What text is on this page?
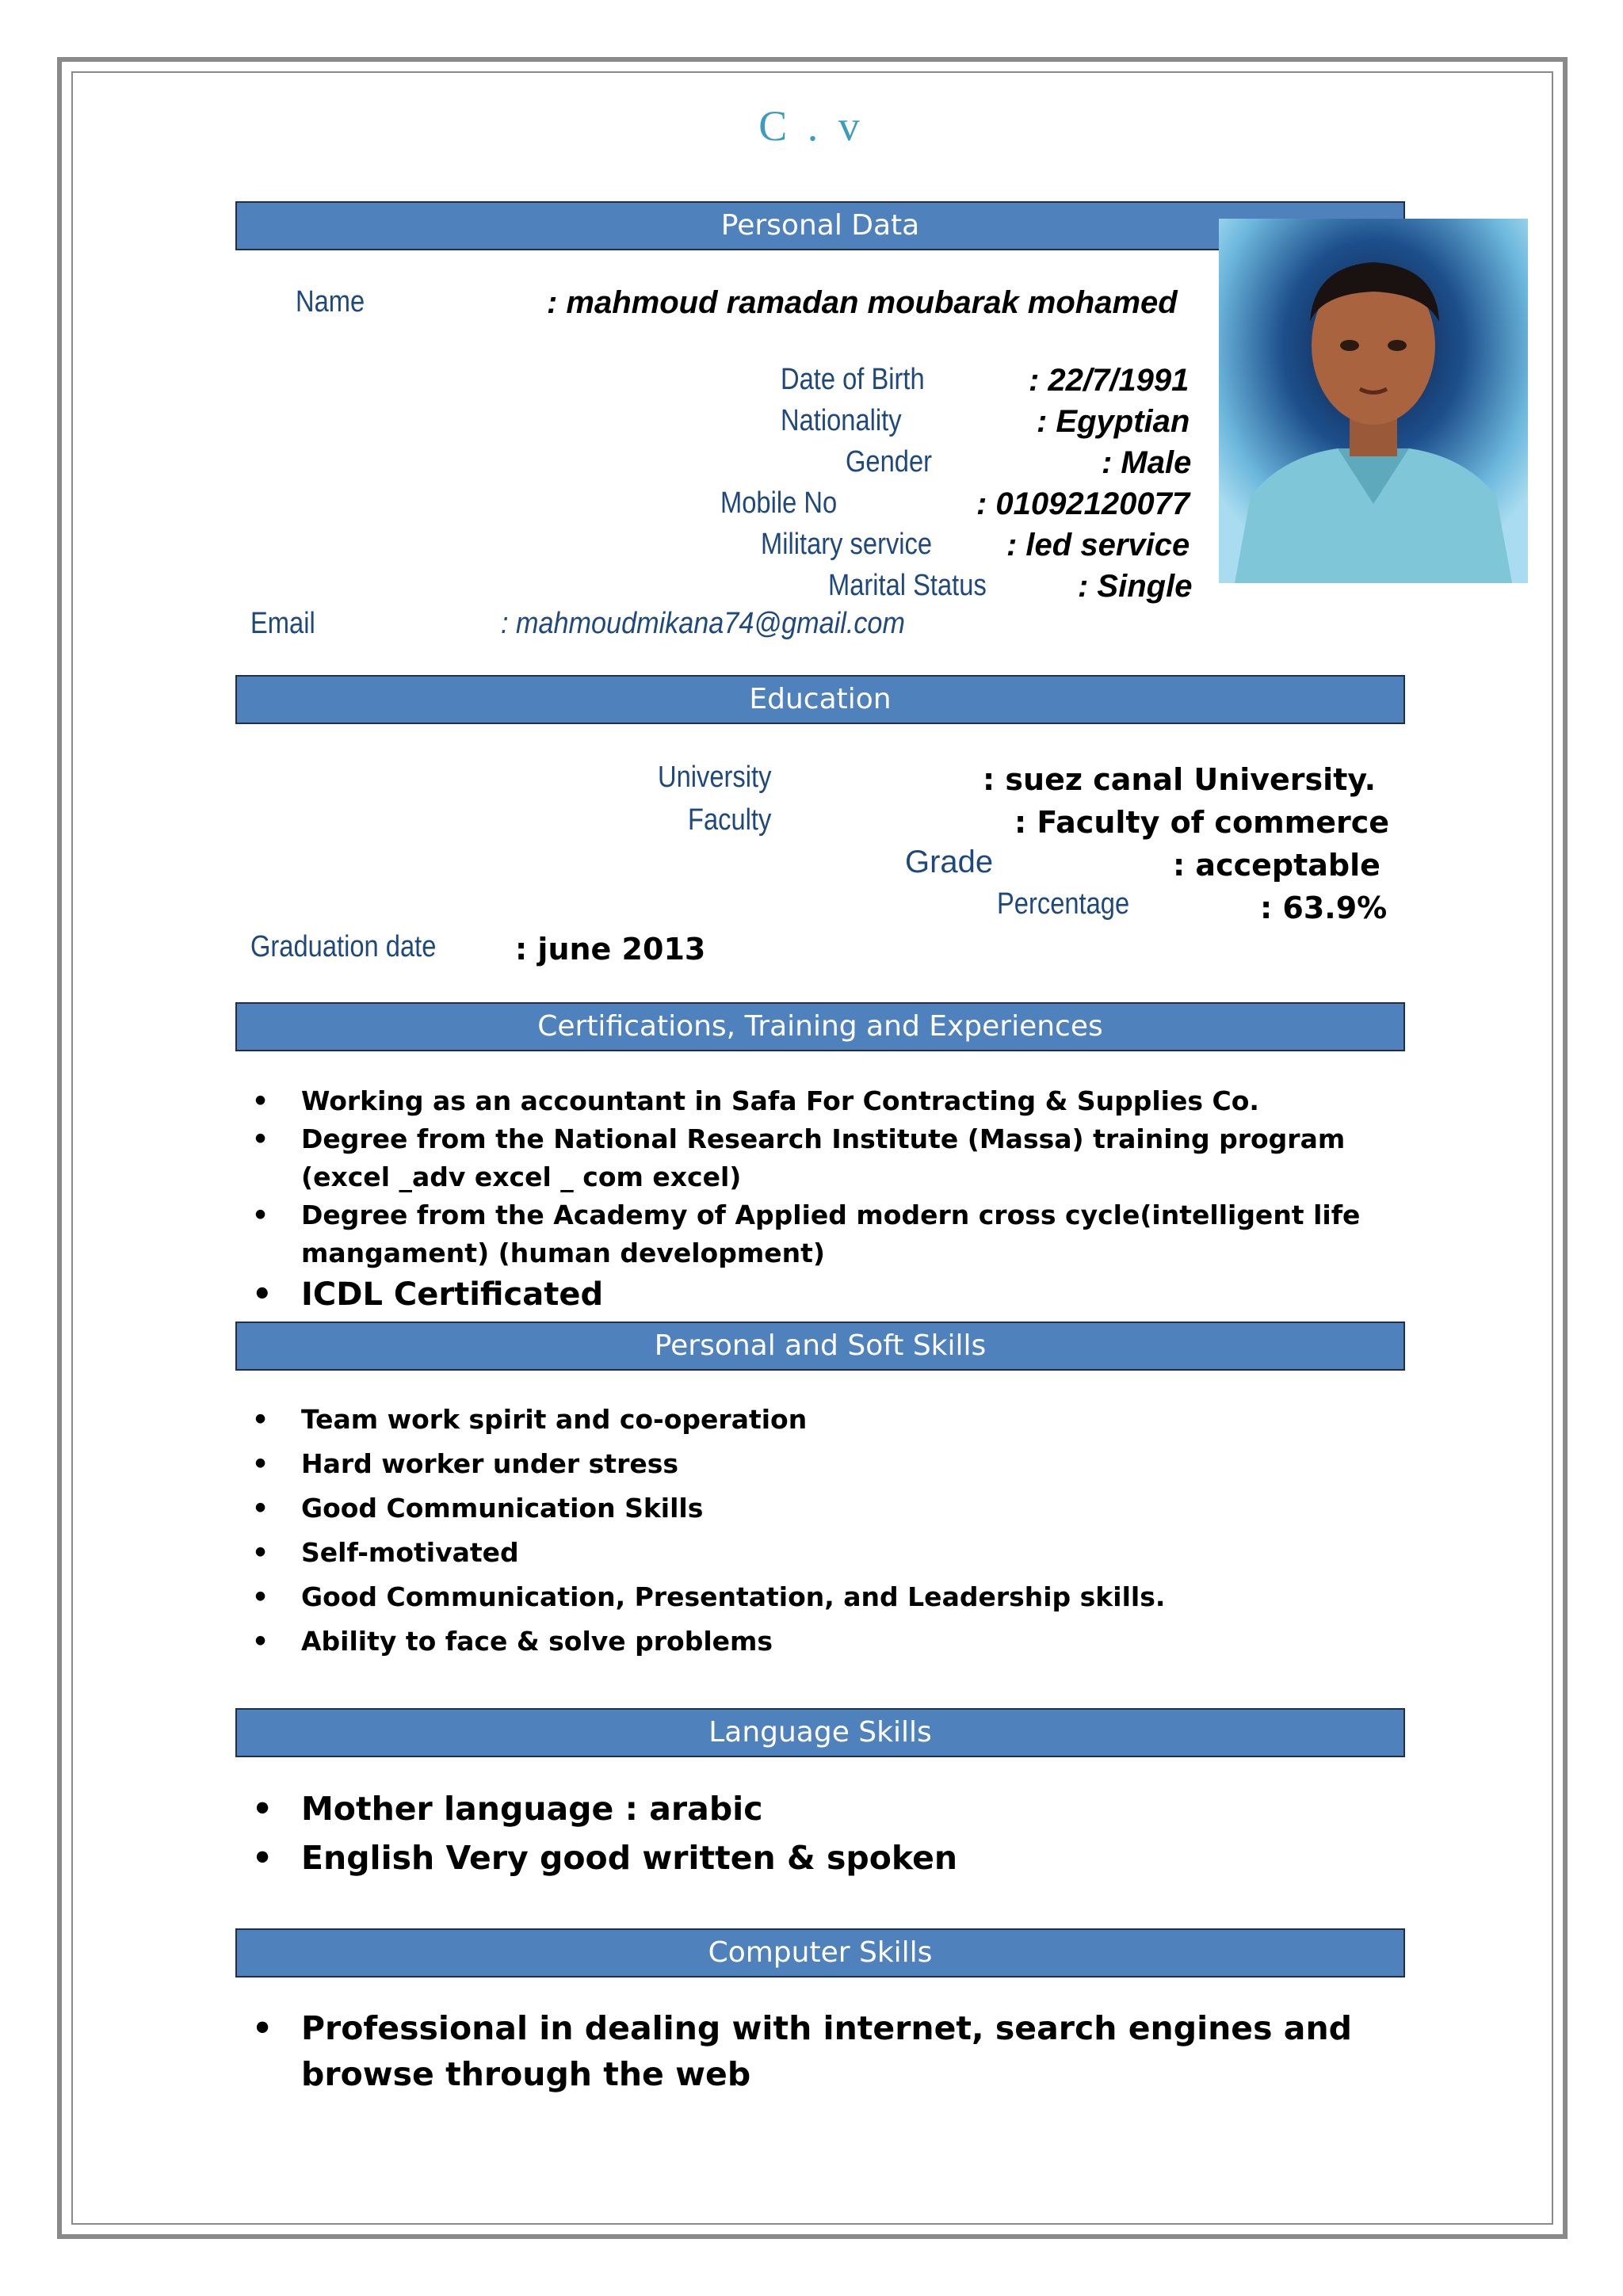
C . v
Personal Data
Name	: mahmoud ramadan moubarak mohamed
Date of Birth	: 22/7/1991
Nationality	: Egyptian
Gender	: Male
Mobile No	: 01092120077
Military service : led service
Marital Status	: Single
Email	: mahmoudmikana74@gmail.com
Education
University	: suez canal University.
Faculty	: Faculty of commerce
Grade	: acceptable
Percentage	: 63.9%
Graduation date	: june 2013
Certifications, Training and Experiences
• Working as an accountant in Safa For Contracting & Supplies Co.
• Degree from the National Research Institute (Massa) training program (excel _adv excel _ com excel)
• Degree from the Academy of Applied modern cross cycle(intelligent life mangament) (human development)
• ICDL Certificated
Personal and Soft Skills
• Team work spirit and co-operation
• Hard worker under stress
• Good Communication Skills
• Self-motivated
• Good Communication, Presentation, and Leadership skills.
• Ability to face & solve problems
Language Skills
• Mother language : arabic
• English Very good written & spoken
Computer Skills
• Professional in dealing with internet, search engines and browse through the web
